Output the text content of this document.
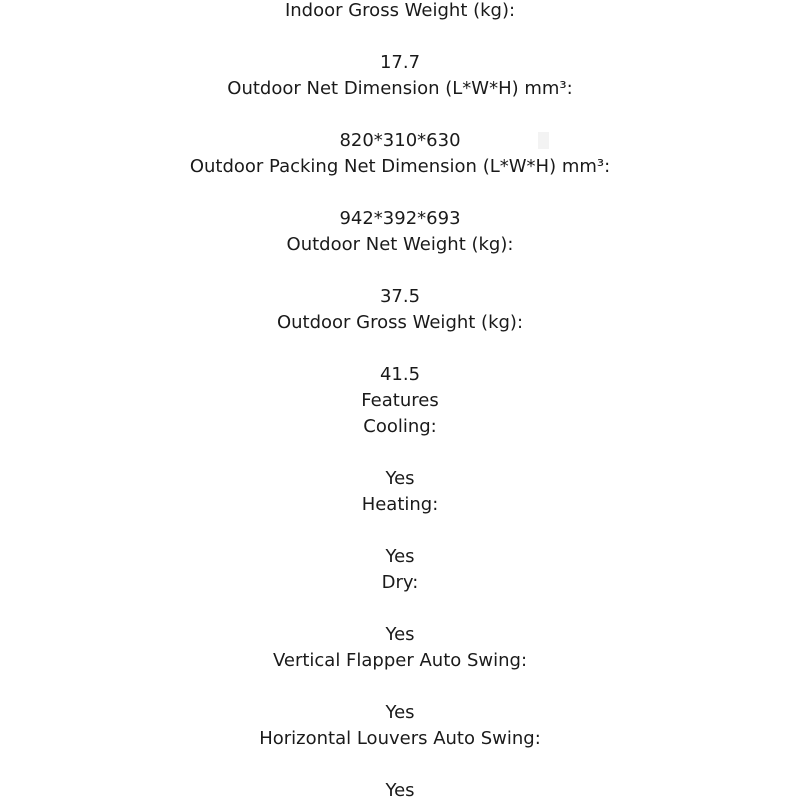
Indoor Gross Weight (kg):
17.7
Outdoor Net Dimension (L*W*H) mm³:
820*310*630
Outdoor Packing Net Dimension (L*W*H) mm³:
942*392*693
Outdoor Net Weight (kg):
37.5
Outdoor Gross Weight (kg):
41.5
Features
Cooling:
Yes
Heating:
Yes
Dry:
Yes
Vertical Flapper Auto Swing:
Yes
Horizontal Louvers Auto Swing:
Yes
